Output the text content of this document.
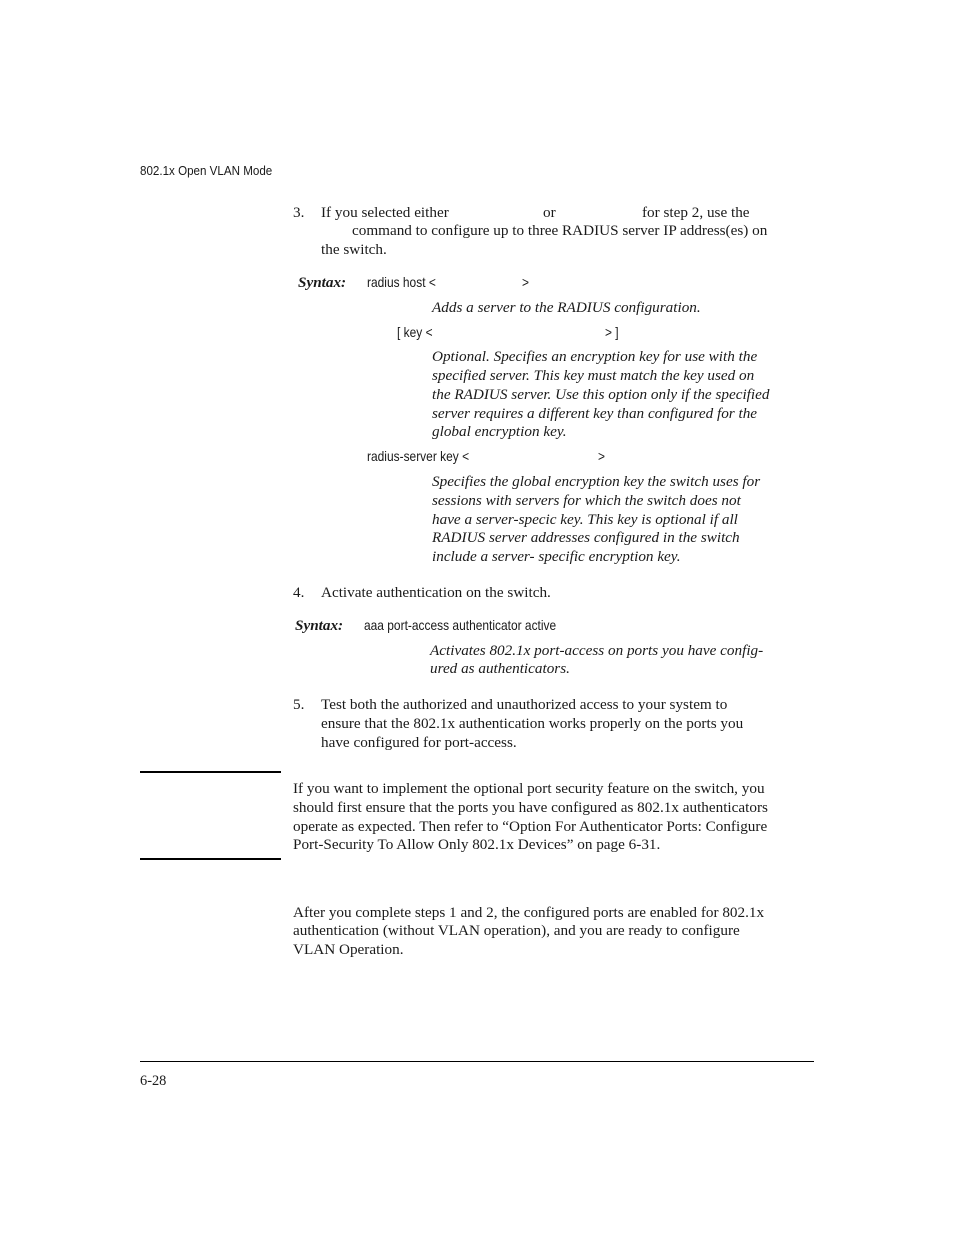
802.1x Open VLAN Mode
3. If you selected either	or	for step 2, use the
command to configure up to three RADIUS server IP address(es) on
the switch.
Syntax: radius host <	>
Adds a server to the RADIUS configuration.
[ key <	> ]
Optional. Specifies an encryption key for use with the
specified server. This key must match the key used on
the RADIUS server. Use this option only if the specified
server requires a different key than configured for the
global encryption key.
radius-server key <	>
Specifies the global encryption key the switch uses for
sessions with servers for which the switch does not
have a server-specic key. This key is optional if all
RADIUS server addresses configured in the switch
include a server- specific encryption key.
4. Activate authentication on the switch.
Syntax: aaa port-access authenticator active
Activates 802.1x port-access on ports you have config-
ured as authenticators.
5. Test both the authorized and unauthorized access to your system to
ensure that the 802.1x authentication works properly on the ports you
have configured for port-access.
If you want to implement the optional port security feature on the switch, you
should first ensure that the ports you have configured as 802.1x authenticators
operate as expected. Then refer to “Option For Authenticator Ports: Configure
Port-Security To Allow Only 802.1x Devices” on page 6-31.
After you complete steps 1 and 2, the configured ports are enabled for 802.1x
authentication (without VLAN operation), and you are ready to configure
VLAN Operation.
6-28
